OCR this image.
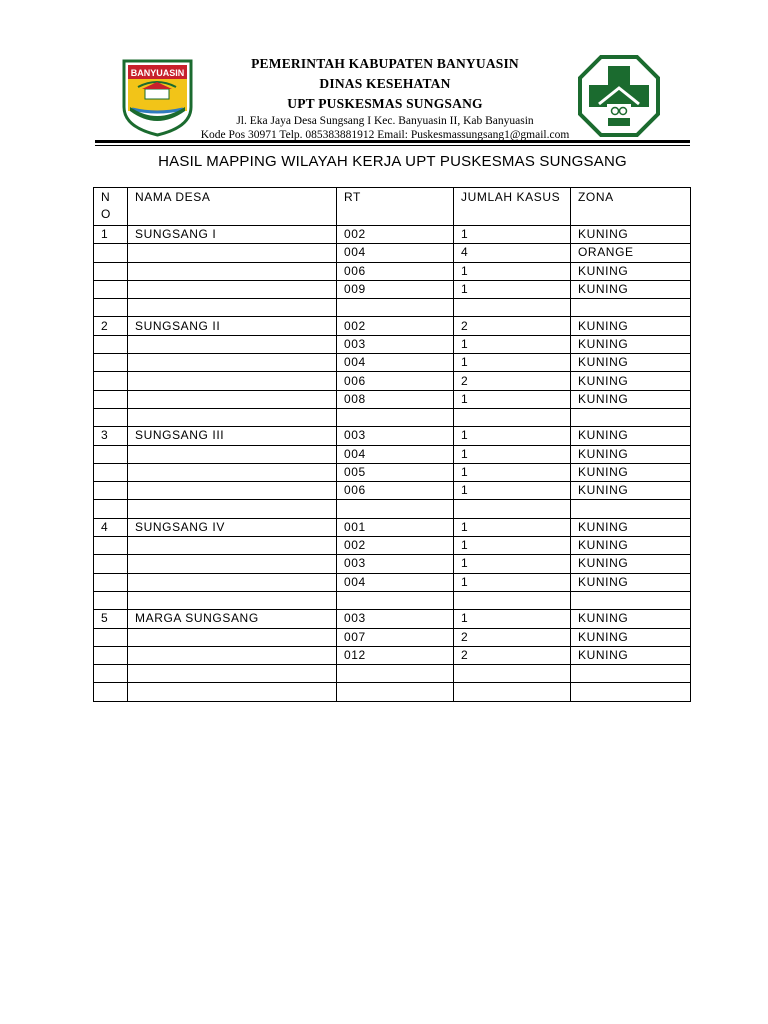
BANYUASIN
PEMERINTAH KABUPATEN BANYUASIN
DINAS KESEHATAN
UPT PUSKESMAS SUNGSANG
Jl. Eka Jaya Desa Sungsang I Kec. Banyuasin II, Kab Banyuasin
Kode Pos 30971 Telp. 085383881912 Email: Puskesmassungsang1@gmail.com
HASIL MAPPING WILAYAH KERJA UPT PUSKESMAS SUNGSANG
N
O	NAMA DESA	RT	JUMLAH KASUS	ZONA
1	SUNGSANG I	002	1	KUNING
		004	4	ORANGE
		006	1	KUNING
		009	1	KUNING

2	SUNGSANG II	002	2	KUNING
		003	1	KUNING
		004	1	KUNING
		006	2	KUNING
		008	1	KUNING

3	SUNGSANG III	003	1	KUNING
		004	1	KUNING
		005	1	KUNING
		006	1	KUNING

4	SUNGSANG IV	001	1	KUNING
		002	1	KUNING
		003	1	KUNING
		004	1	KUNING

5	MARGA SUNGSANG	003	1	KUNING
		007	2	KUNING
		012	2	KUNING
